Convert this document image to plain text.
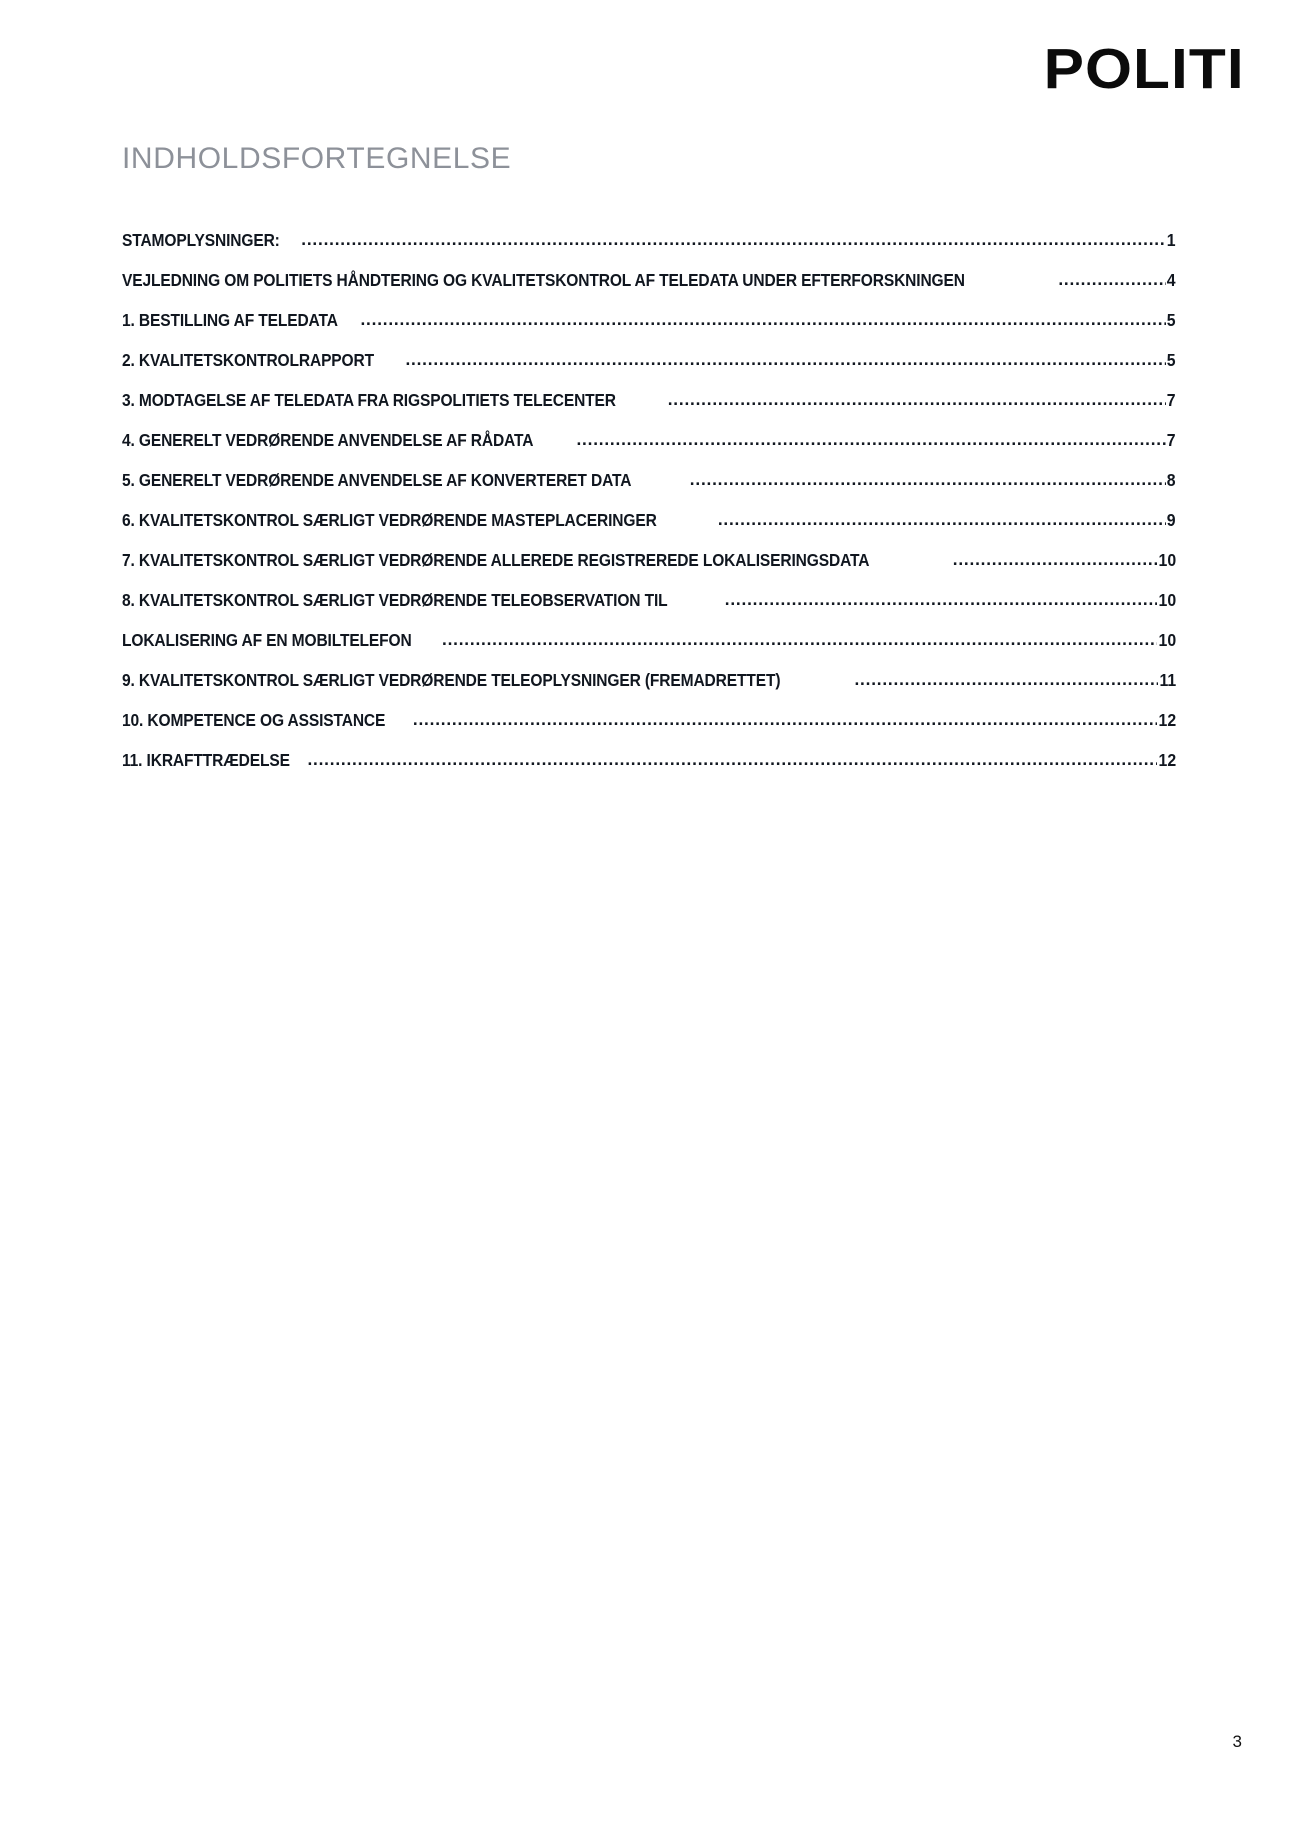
POLITI
INDHOLDSFORTEGNELSE
STAMOPLYSNINGER: .....	1
VEJLEDNING OM POLITIETS HÅNDTERING OG KVALITETSKONTROL AF TELEDATA UNDER EFTERFORSKNINGEN .....	4
1. BESTILLING AF TELEDATA .....	5
2. KVALITETSKONTROLRAPPORT .....	5
3. MODTAGELSE AF TELEDATA FRA RIGSPOLITIETS TELECENTER .....	7
4. GENERELT VEDRØRENDE ANVENDELSE AF RÅDATA .....	7
5. GENERELT VEDRØRENDE ANVENDELSE AF KONVERTERET DATA .....	8
6. KVALITETSKONTROL SÆRLIGT VEDRØRENDE MASTEPLACERINGER .....	9
7. KVALITETSKONTROL SÆRLIGT VEDRØRENDE ALLEREDE REGISTREREDE LOKALISERINGSDATA .....	10
8. KVALITETSKONTROL SÆRLIGT VEDRØRENDE TELEOBSERVATION TIL .....	10
LOKALISERING AF EN MOBILTELEFON .....	10
9. KVALITETSKONTROL SÆRLIGT VEDRØRENDE TELEOPLYSNINGER (FREMADRETTET) .....	11
10. KOMPETENCE OG ASSISTANCE .....	12
11. IKRAFTTRÆDELSE .....	12
3
